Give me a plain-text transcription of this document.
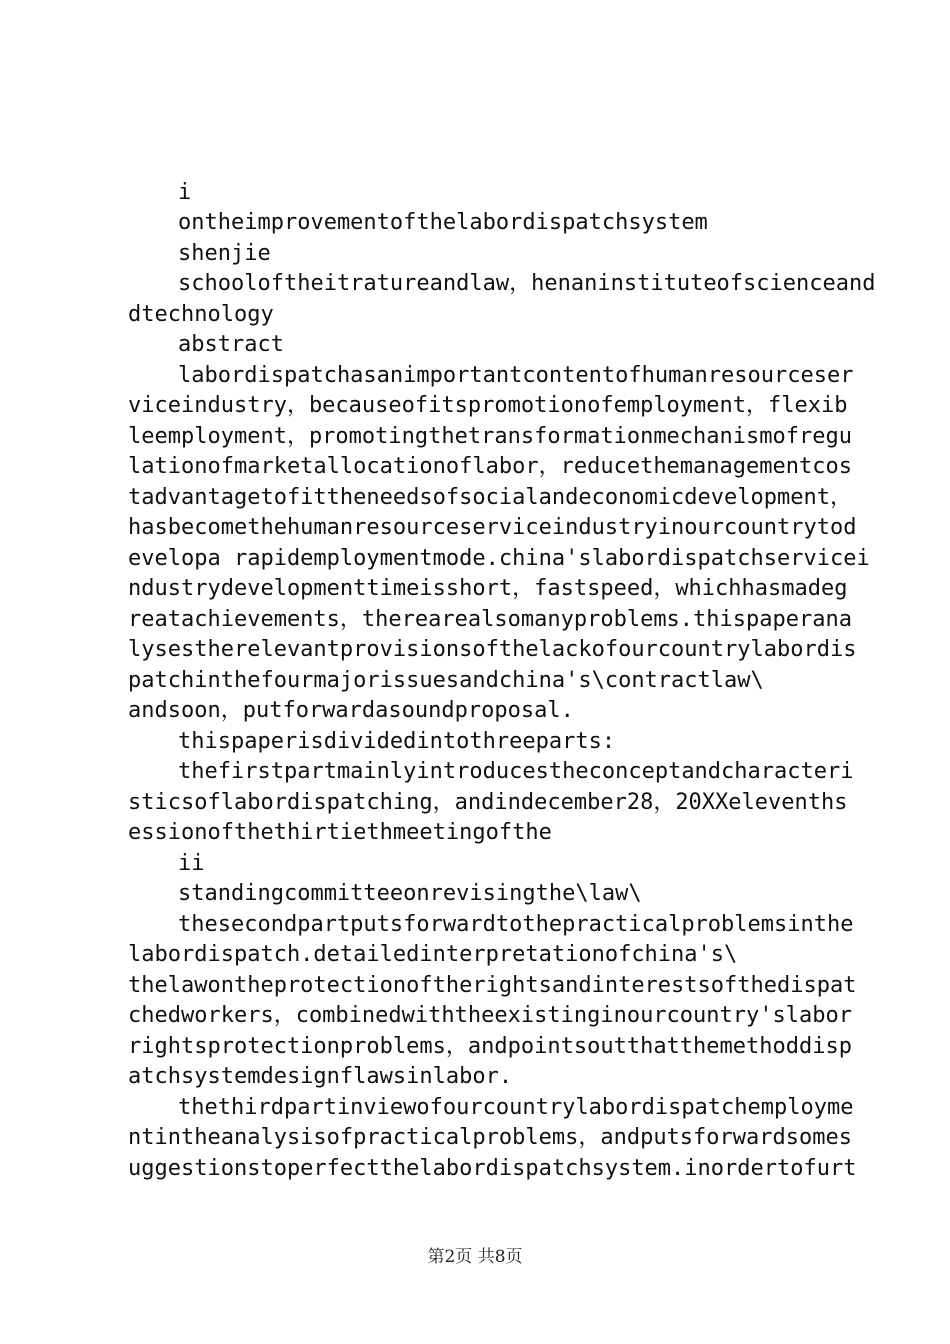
i

ontheimprovementofthelabordispatchsystem

shenjie

schooloftheitratureandlaw，henaninstituteofscienceand

dtechnology

abstract

labordispatchasanimportantcontentofhumanresourceser

viceindustry，becauseofitspromotionofemployment，flexib

leemployment，promotingthetransformationmechanismofregu

lationofmarketallocationoflabor，reducethemanagementcos

tadvantagetofittheneedsofsocialandeconomicdevelopment，

hasbecomethehumanresourceserviceindustryinourcountrytod

evelopa rapidemploymentmode.china'slabordispatchservicei

ndustrydevelopmenttimeisshort，fastspeed，whichhasmadeg

reatachievements，therearealsomanyproblems.thispaperana

lysestherelevantprovisionsofthelackofourcountrylabordis

patchinthefourmajorissuesandchina's\contractlaw\

andsoon，putforwardasoundproposal.

thispaperisdividedintothreeparts:

thefirstpartmainlyintroducestheconceptandcharacteri

sticsoflabordispatching，andindecember28，20XXelevenths

essionofthethirtiethmeetingofthe

ii

standingcommitteeonrevisingthe\law\

thesecondpartputsforwardtothepracticalproblemsinthe

labordispatch.detailedinterpretationofchina's\

thelawontheprotectionoftherightsandinterestsofthedispat

chedworkers，combinedwiththeexistinginourcountry'slabor

rightsprotectionproblems，andpointsoutthatthemethoddisp

atchsystemdesignflawsinlabor.

thethirdpartinviewofourcountrylabordispatchemployme

ntintheanalysisofpracticalproblems，andputsforwardsomes

uggestionstoperfectthelabordispatchsystem.inordertofurt

第2页 共8页
